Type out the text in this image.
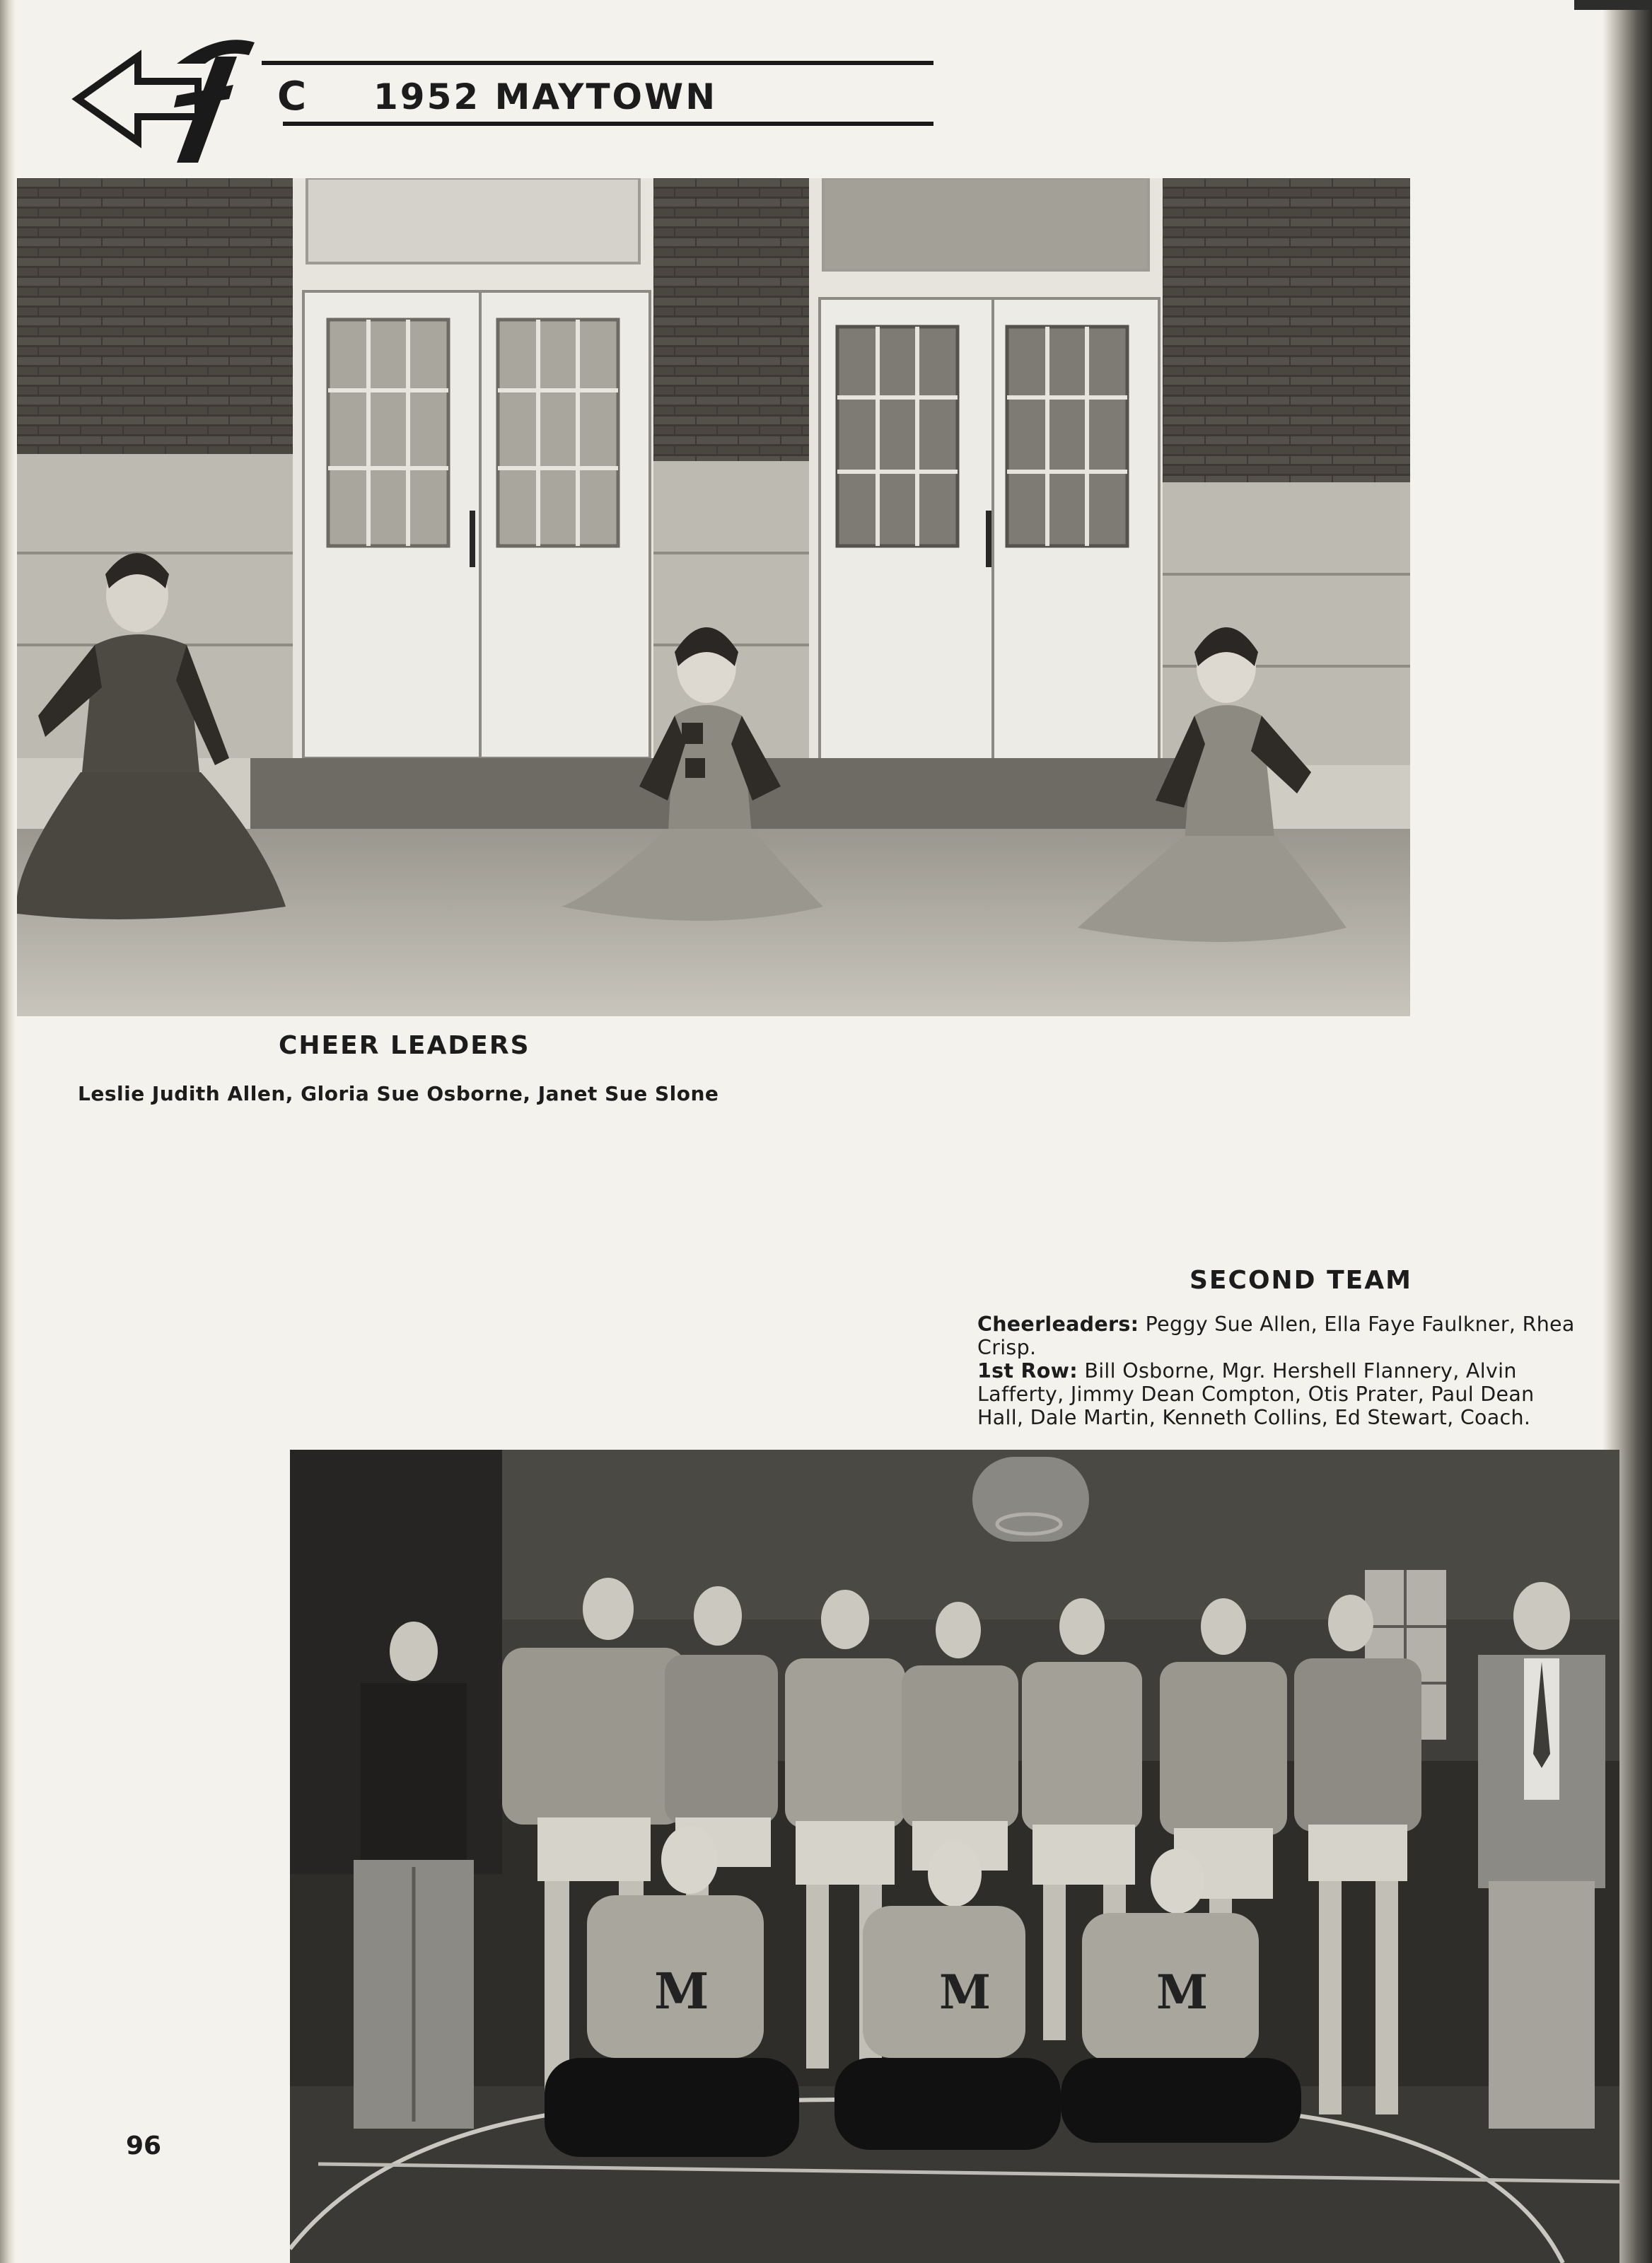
C 1952 MAYTOWN
CHEER LEADERS
Leslie Judith Allen, Gloria Sue Osborne, Janet Sue Slone
SECOND TEAM
Cheerleaders: Peggy Sue Allen, Ella Faye Faulkner, Rhea
Crisp.
1st Row: Bill Osborne, Mgr. Hershell Flannery, Alvin
Lafferty, Jimmy Dean Compton, Otis Prater, Paul Dean
Hall, Dale Martin, Kenneth Collins, Ed Stewart, Coach.
M	M	M
96
